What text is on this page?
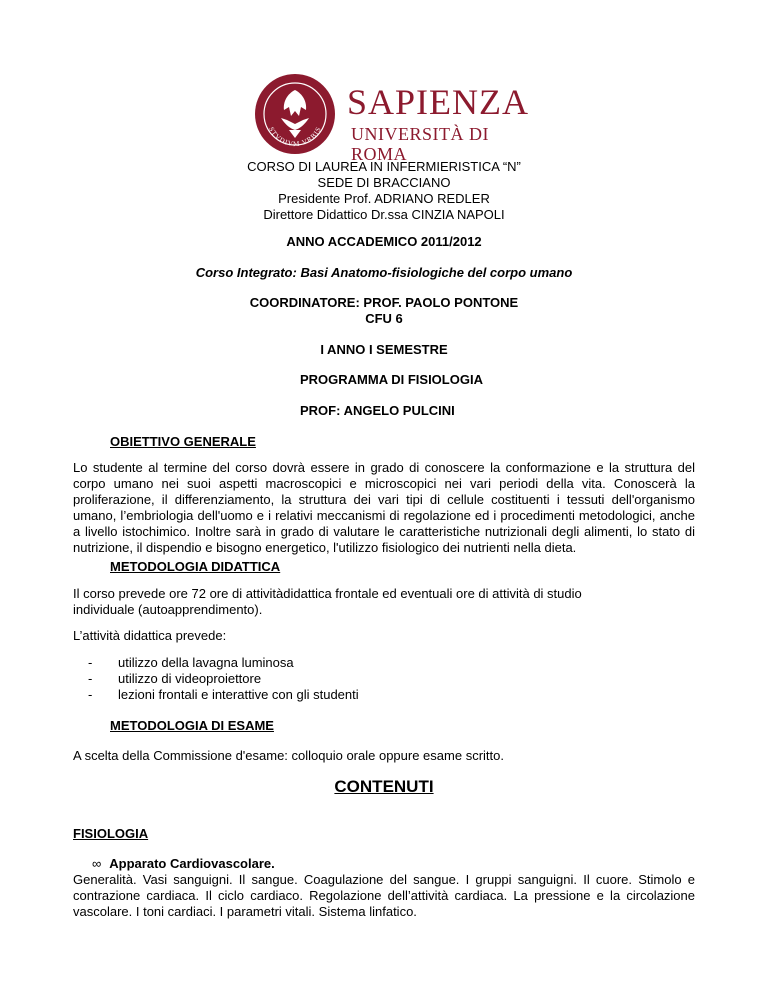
STVDIVM VRBIS
SAPIENZA
UNIVERSITÀ DI ROMA
CORSO DI LAUREA IN INFERMIERISTICA “N”
SEDE DI BRACCIANO
Presidente Prof. ADRIANO REDLER
Direttore Didattico Dr.ssa CINZIA NAPOLI
ANNO ACCADEMICO 2011/2012
Corso Integrato: Basi Anatomo-fisiologiche del corpo umano
COORDINATORE: PROF. PAOLO PONTONE
CFU 6
I ANNO I SEMESTRE
PROGRAMMA DI FISIOLOGIA
PROF: ANGELO PULCINI
OBIETTIVO GENERALE
Lo studente al termine del corso dovrà essere in grado di conoscere la conformazione e la struttura del corpo umano nei suoi aspetti macroscopici e microscopici nei vari periodi della vita. Conoscerà la proliferazione, il differenziamento, la struttura dei vari tipi di cellule costituenti i tessuti dell'organismo umano, l’embriologia dell'uomo e i relativi meccanismi di regolazione ed i procedimenti metodologici, anche a livello istochimico. Inoltre sarà in grado di valutare le caratteristiche nutrizionali degli alimenti, lo stato di nutrizione, il dispendio e bisogno energetico, l'utilizzo fisiologico dei nutrienti nella dieta.
METODOLOGIA DIDATTICA
Il corso prevede ore 72 ore di attivitàdidattica frontale ed eventuali ore di attività di studio individuale (autoapprendimento).
L’attività didattica prevede:
-	utilizzo della lavagna luminosa
-	utilizzo di videoproiettore
-	lezioni frontali e interattive con gli studenti
METODOLOGIA DI ESAME
A scelta della Commissione d'esame: colloquio orale oppure esame scritto.
CONTENUTI
FISIOLOGIA
∞ Apparato Cardiovascolare.
Generalità. Vasi sanguigni. Il sangue. Coagulazione del sangue. I gruppi sanguigni. Il cuore. Stimolo e contrazione cardiaca. Il ciclo cardiaco. Regolazione dell’attività cardiaca. La pressione e la circolazione vascolare. I toni cardiaci. I parametri vitali. Sistema linfatico.
